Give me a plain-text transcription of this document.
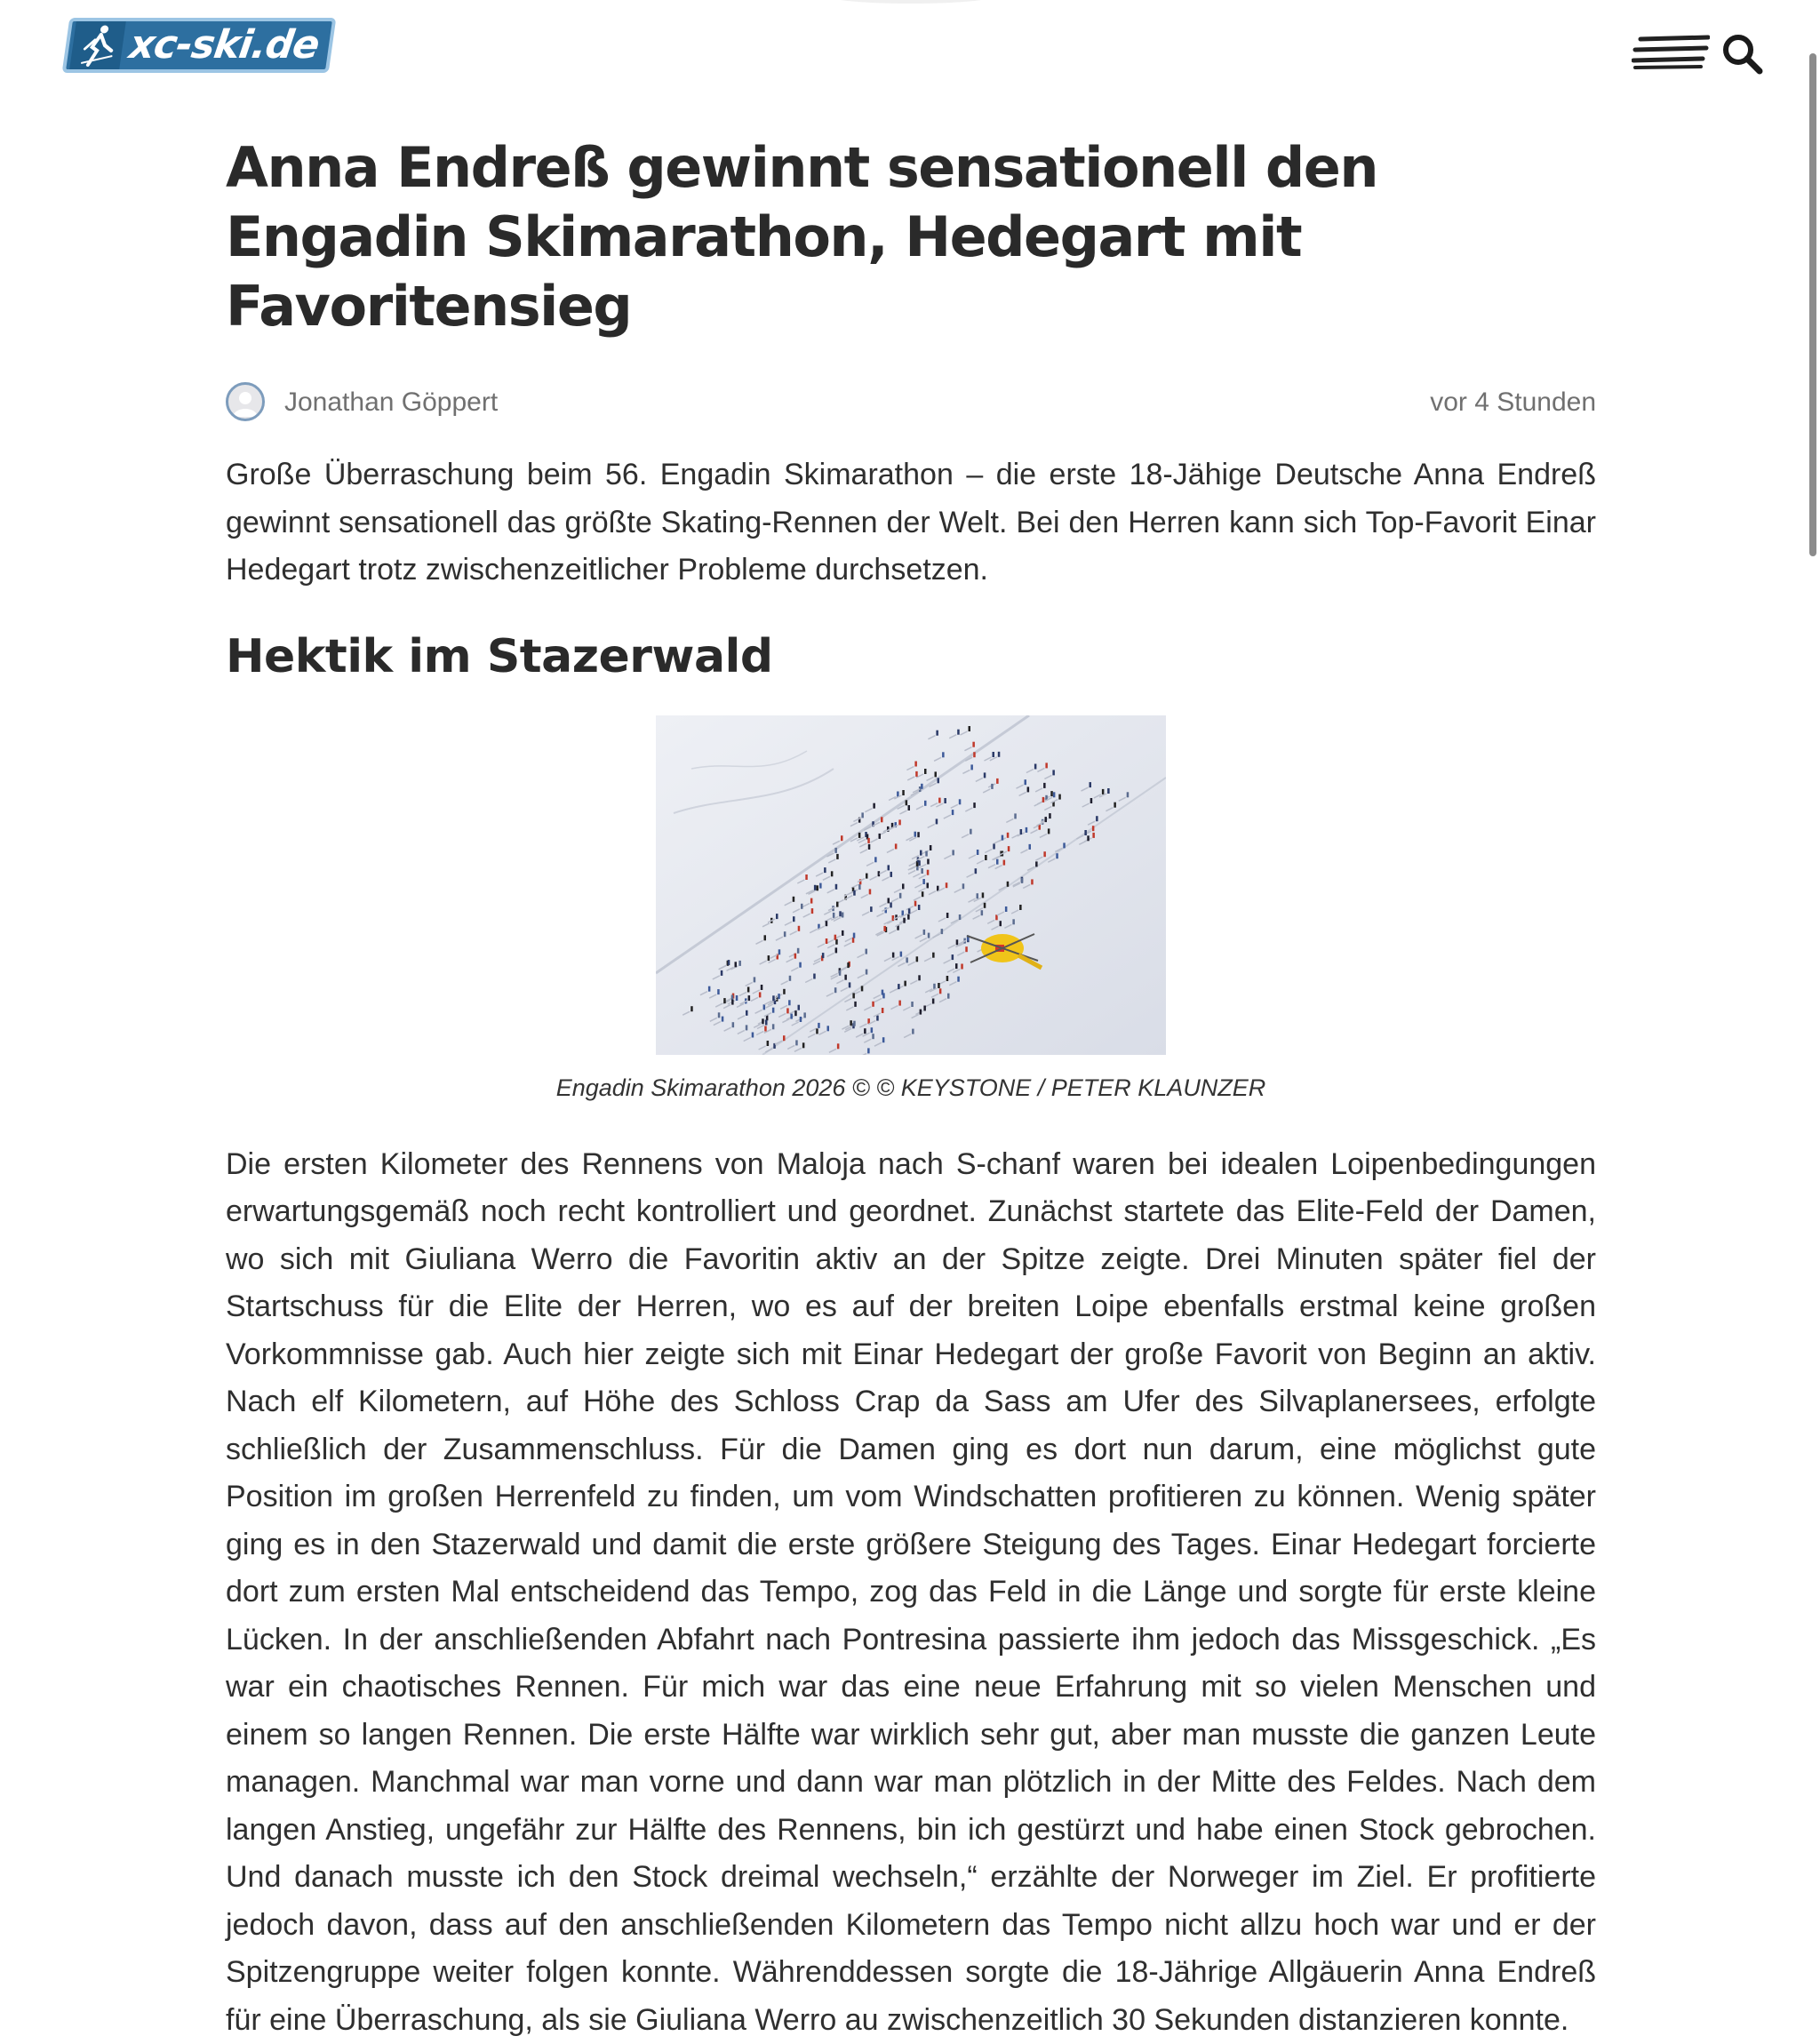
xc-ski.de
Anna Endreß gewinnt sensationell den Engadin Skimarathon, Hedegart mit Favoritensieg
Jonathan Göppert	vor 4 Stunden

Große Überraschung beim 56. Engadin Skimarathon – die erste 18-Jähige Deutsche Anna Endreß gewinnt sensationell das größte Skating-Rennen der Welt. Bei den Herren kann sich Top-Favorit Einar Hedegart trotz zwischenzeitlicher Probleme durchsetzen.

Hektik im Stazerwald
Engadin Skimarathon 2026 © © KEYSTONE / PETER KLAUNZER

Die ersten Kilometer des Rennens von Maloja nach S-chanf waren bei idealen Loipenbedingungen erwartungsgemäß noch recht kontrolliert und geordnet. Zunächst startete das Elite-Feld der Damen, wo sich mit Giuliana Werro die Favoritin aktiv an der Spitze zeigte. Drei Minuten später fiel der Startschuss für die Elite der Herren, wo es auf der breiten Loipe ebenfalls erstmal keine großen Vorkommnisse gab. Auch hier zeigte sich mit Einar Hedegart der große Favorit von Beginn an aktiv. Nach elf Kilometern, auf Höhe des Schloss Crap da Sass am Ufer des Silvaplanersees, erfolgte schließlich der Zusammenschluss. Für die Damen ging es dort nun darum, eine möglichst gute Position im großen Herrenfeld zu finden, um vom Windschatten profitieren zu können. Wenig später ging es in den Stazerwald und damit die erste größere Steigung des Tages. Einar Hedegart forcierte dort zum ersten Mal entscheidend das Tempo, zog das Feld in die Länge und sorgte für erste kleine Lücken. In der anschließenden Abfahrt nach Pontresina passierte ihm jedoch das Missgeschick. „Es war ein chaotisches Rennen. Für mich war das eine neue Erfahrung mit so vielen Menschen und einem so langen Rennen. Die erste Hälfte war wirklich sehr gut, aber man musste die ganzen Leute managen. Manchmal war man vorne und dann war man plötzlich in der Mitte des Feldes. Nach dem langen Anstieg, ungefähr zur Hälfte des Rennens, bin ich gestürzt und habe einen Stock gebrochen. Und danach musste ich den Stock dreimal wechseln,“ erzählte der Norweger im Ziel. Er profitierte jedoch davon, dass auf den anschließenden Kilometern das Tempo nicht allzu hoch war und er der Spitzengruppe weiter folgen konnte. Währenddessen sorgte die 18-Jährige Allgäuerin Anna Endreß für eine Überraschung, als sie Giuliana Werro au zwischenzeitlich 30 Sekunden distanzieren konnte.
